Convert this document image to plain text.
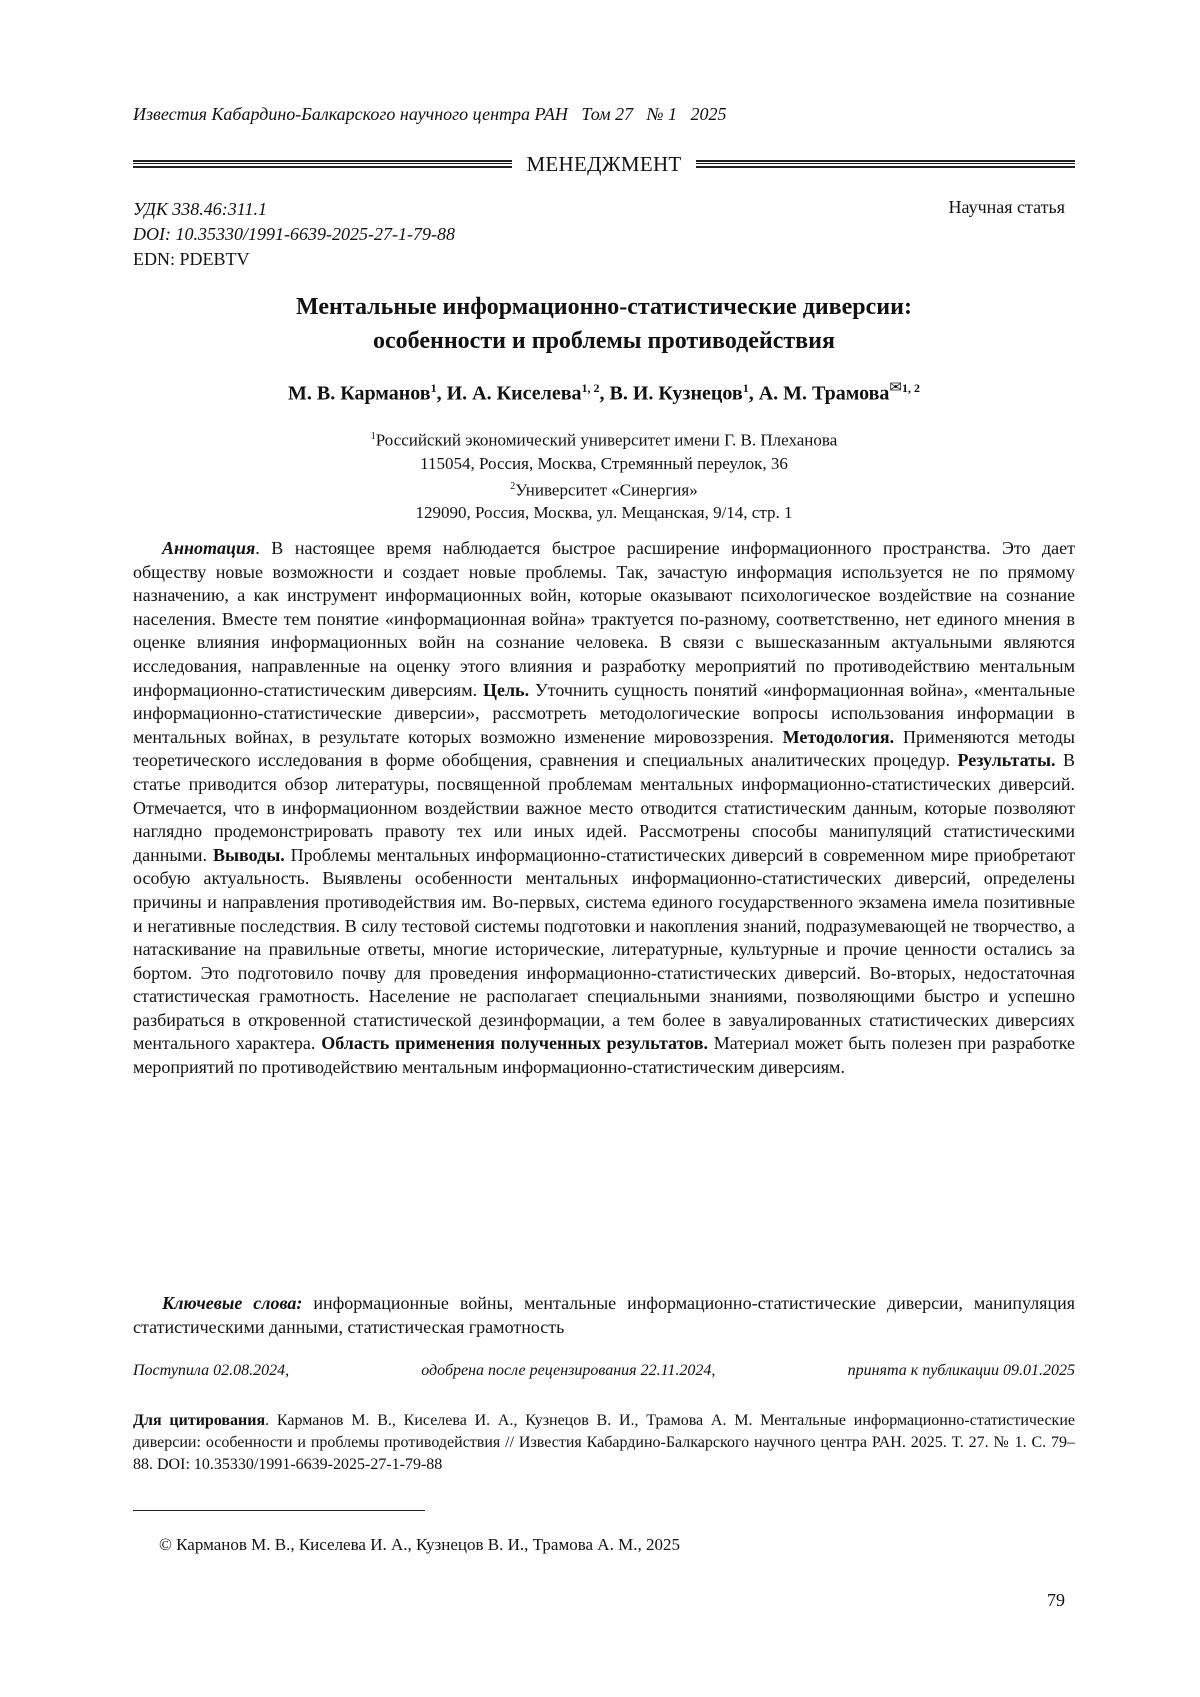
Известия Кабардино-Балкарского научного центра РАН   Том 27   № 1   2025
МЕНЕДЖМЕНТ
УДК 338.46:311.1
DOI: 10.35330/1991-6639-2025-27-1-79-88
EDN: PDEBTV
Научная статья
Ментальные информационно-статистические диверсии:
особенности и проблемы противодействия
М. В. Карманов$^1$, И. А. Киселева$^{1, 2}$, В. И. Кузнецов$^1$, А. М. Трамова$^{✉1, 2}$
$^1$Российский экономический университет имени Г. В. Плеханова
115054, Россия, Москва, Стремянный переулок, 36
$^2$Университет «Синергия»
129090, Россия, Москва, ул. Мещанская, 9/14, стр. 1
Аннотация. В настоящее время наблюдается быстрое расширение информационного пространства. Это дает обществу новые возможности и создает новые проблемы. Так, зачастую информация используется не по прямому назначению, а как инструмент информационных войн, которые оказывают психологическое воздействие на сознание населения. Вместе тем понятие «информационная война» трактуется по-разному, соответственно, нет единого мнения в оценке влияния информационных войн на сознание человека. В связи с вышесказанным актуальными являются исследования, направленные на оценку этого влияния и разработку мероприятий по противодействию ментальным информационно-статистическим диверсиям. Цель. Уточнить сущность понятий «информационная война», «ментальные информационно-статистические диверсии», рассмотреть методологические вопросы использования информации в ментальных войнах, в результате которых возможно изменение мировоззрения. Методология. Применяются методы теоретического исследования в форме обобщения, сравнения и специальных аналитических процедур. Результаты. В статье приводится обзор литературы, посвященной проблемам ментальных информационно-статистических диверсий. Отмечается, что в информационном воздействии важное место отводится статистическим данным, которые позволяют наглядно продемонстрировать правоту тех или иных идей. Рассмотрены способы манипуляций статистическими данными. Выводы. Проблемы ментальных информационно-статистических диверсий в современном мире приобретают особую актуальность. Выявлены особенности ментальных информационно-статистических диверсий, определены причины и направления противодействия им. Во-первых, система единого государственного экзамена имела позитивные и негативные последствия. В силу тестовой системы подготовки и накопления знаний, подразумевающей не творчество, а натаскивание на правильные ответы, многие исторические, литературные, культурные и прочие ценности остались за бортом. Это подготовило почву для проведения информационно-статистических диверсий. Во-вторых, недостаточная статистическая грамотность. Население не располагает специальными знаниями, позволяющими быстро и успешно разбираться в откровенной статистической дезинформации, а тем более в завуалированных статистических диверсиях ментального характера. Область применения полученных результатов. Материал может быть полезен при разработке мероприятий по противодействию ментальным информационно-статистическим диверсиям.
Ключевые слова: информационные войны, ментальные информационно-статистические диверсии, манипуляция статистическими данными, статистическая грамотность
Поступила 02.08.2024,	одобрена после рецензирования 22.11.2024,	принята к публикации 09.01.2025
Для цитирования. Карманов М. В., Киселева И. А., Кузнецов В. И., Трамова А. М. Ментальные информационно-статистические диверсии: особенности и проблемы противодействия // Известия Кабардино-Балкарского научного центра РАН. 2025. Т. 27. № 1. С. 79–88. DOI: 10.35330/1991-6639-2025-27-1-79-88
© Карманов М. В., Киселева И. А., Кузнецов В. И., Трамова А. М., 2025
79
